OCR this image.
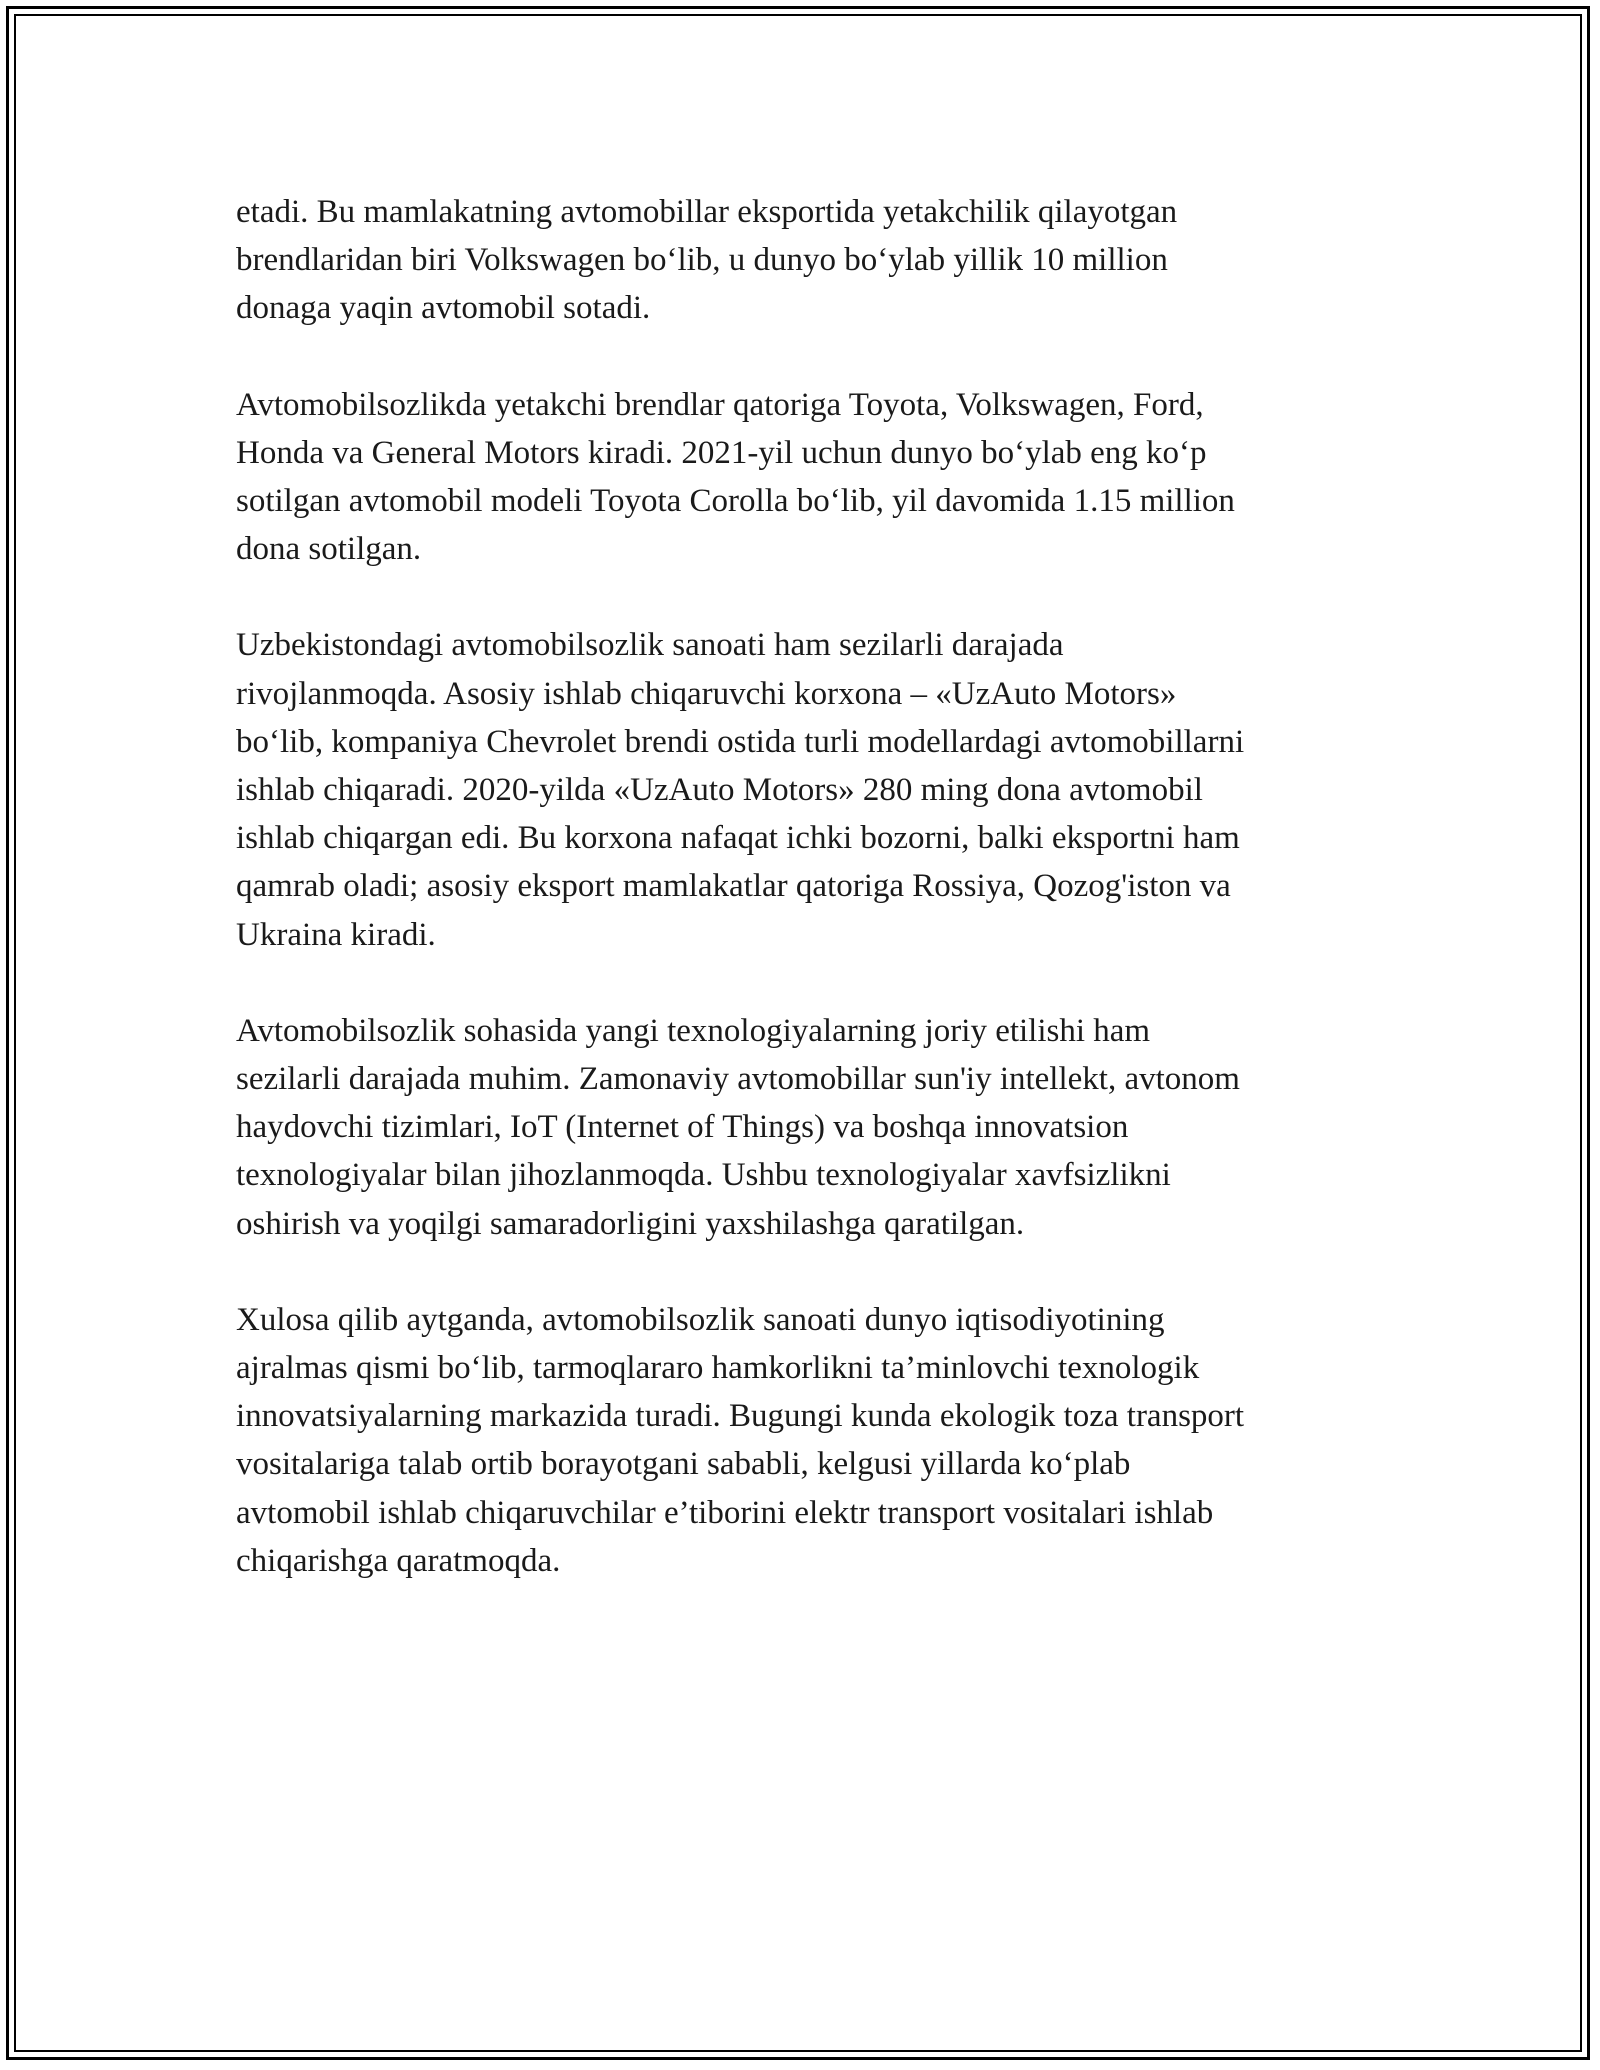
etadi. Bu mamlakatning avtomobillar eksportida yetakchilik qilayotgan
brendlaridan biri Volkswagen bo‘lib, u dunyo bo‘ylab yillik 10 million
donaga yaqin avtomobil sotadi.

Avtomobilsozlikda yetakchi brendlar qatoriga Toyota, Volkswagen, Ford,
Honda va General Motors kiradi. 2021-yil uchun dunyo bo‘ylab eng ko‘p
sotilgan avtomobil modeli Toyota Corolla bo‘lib, yil davomida 1.15 million
dona sotilgan.

Uzbekistondagi avtomobilsozlik sanoati ham sezilarli darajada
rivojlanmoqda. Asosiy ishlab chiqaruvchi korxona – «UzAuto Motors»
bo‘lib, kompaniya Chevrolet brendi ostida turli modellardagi avtomobillarni
ishlab chiqaradi. 2020-yilda «UzAuto Motors» 280 ming dona avtomobil
ishlab chiqargan edi. Bu korxona nafaqat ichki bozorni, balki eksportni ham
qamrab oladi; asosiy eksport mamlakatlar qatoriga Rossiya, Qozog'iston va
Ukraina kiradi.

Avtomobilsozlik sohasida yangi texnologiyalarning joriy etilishi ham
sezilarli darajada muhim. Zamonaviy avtomobillar sun'iy intellekt, avtonom
haydovchi tizimlari, IoT (Internet of Things) va boshqa innovatsion
texnologiyalar bilan jihozlanmoqda. Ushbu texnologiyalar xavfsizlikni
oshirish va yoqilgi samaradorligini yaxshilashga qaratilgan.

Xulosa qilib aytganda, avtomobilsozlik sanoati dunyo iqtisodiyotining
ajralmas qismi bo‘lib, tarmoqlararo hamkorlikni ta’minlovchi texnologik
innovatsiyalarning markazida turadi. Bugungi kunda ekologik toza transport
vositalariga talab ortib borayotgani sababli, kelgusi yillarda ko‘plab
avtomobil ishlab chiqaruvchilar e’tiborini elektr transport vositalari ishlab
chiqarishga qaratmoqda.
